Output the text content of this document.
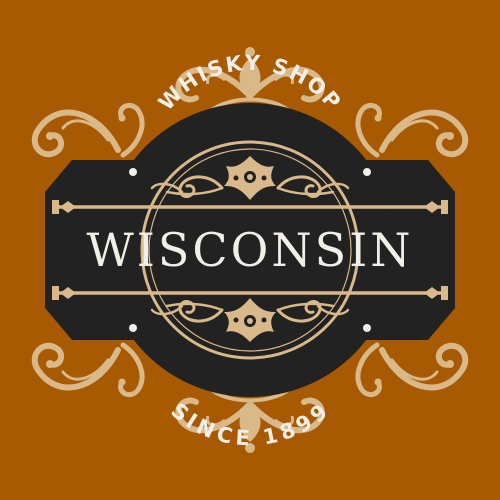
WHISKY SHOP
SINCE 1899
WISCONSIN
